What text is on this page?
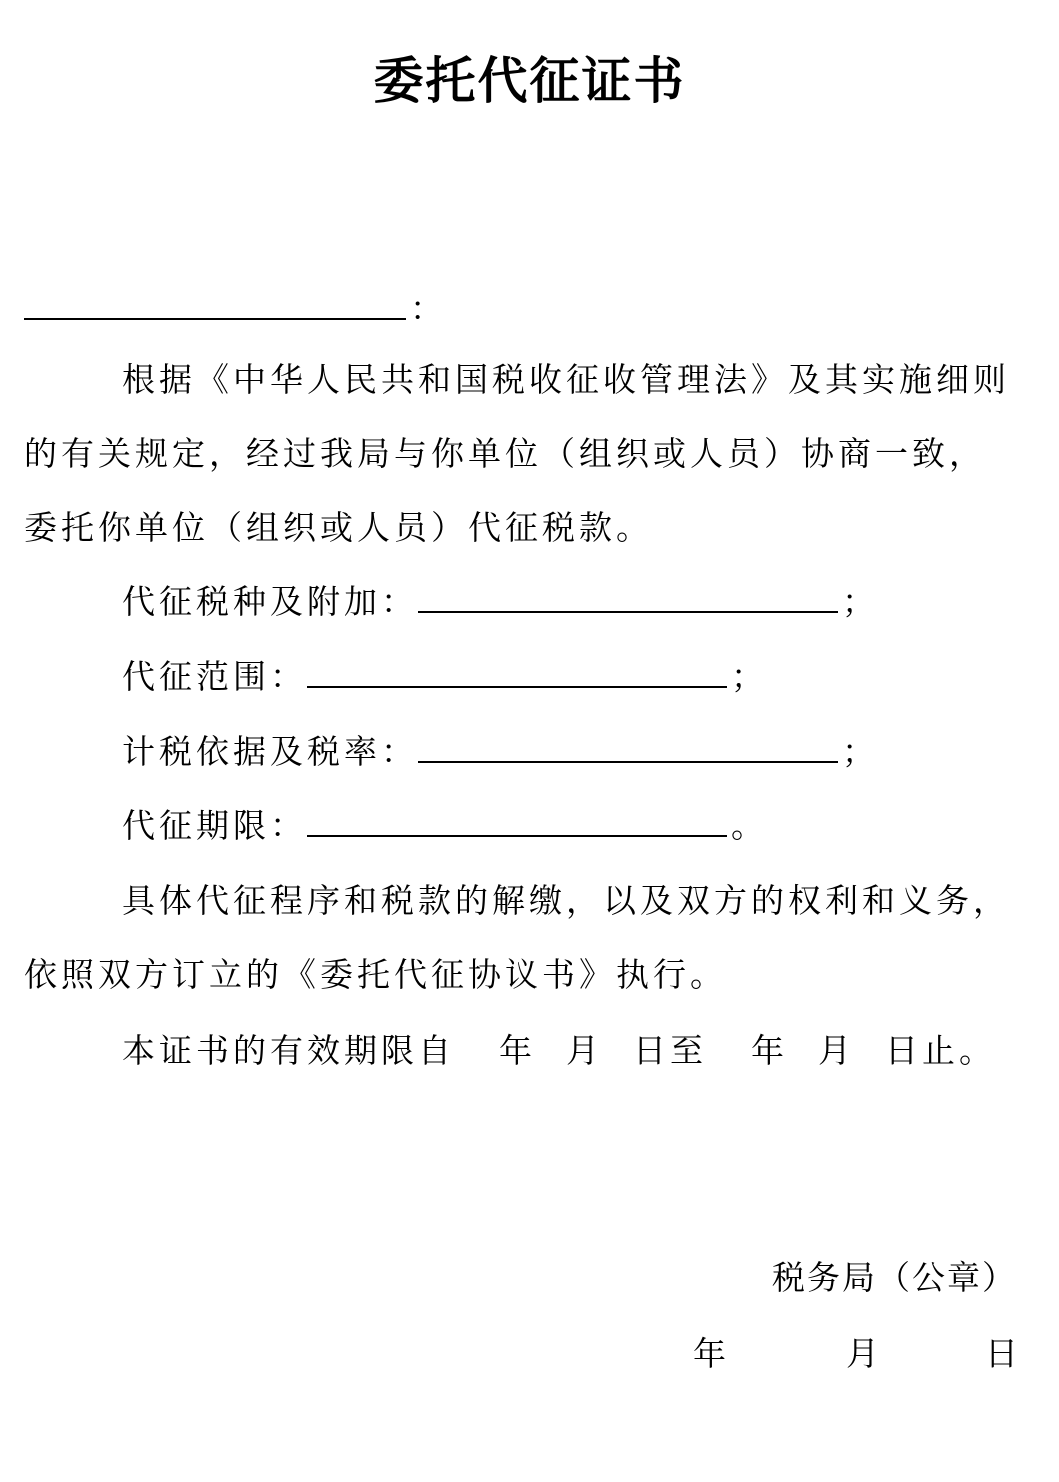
委托代征证书
：
根据《中华人民共和国税收征收管理法》及其实施细则
的有关规定，经过我局与你单位（组织或人员）协商一致，
委托你单位（组织或人员）代征税款。
代征税种及附加：	；
代征范围：	；
计税依据及税率：	；
代征期限：	。
具体代征程序和税款的解缴，以及双方的权利和义务，
依照双方订立的《委托代征协议书》执行。
本证书的有效期限自 年 月 日至 年 月 日止。
税务局（公章）
年	月	日
